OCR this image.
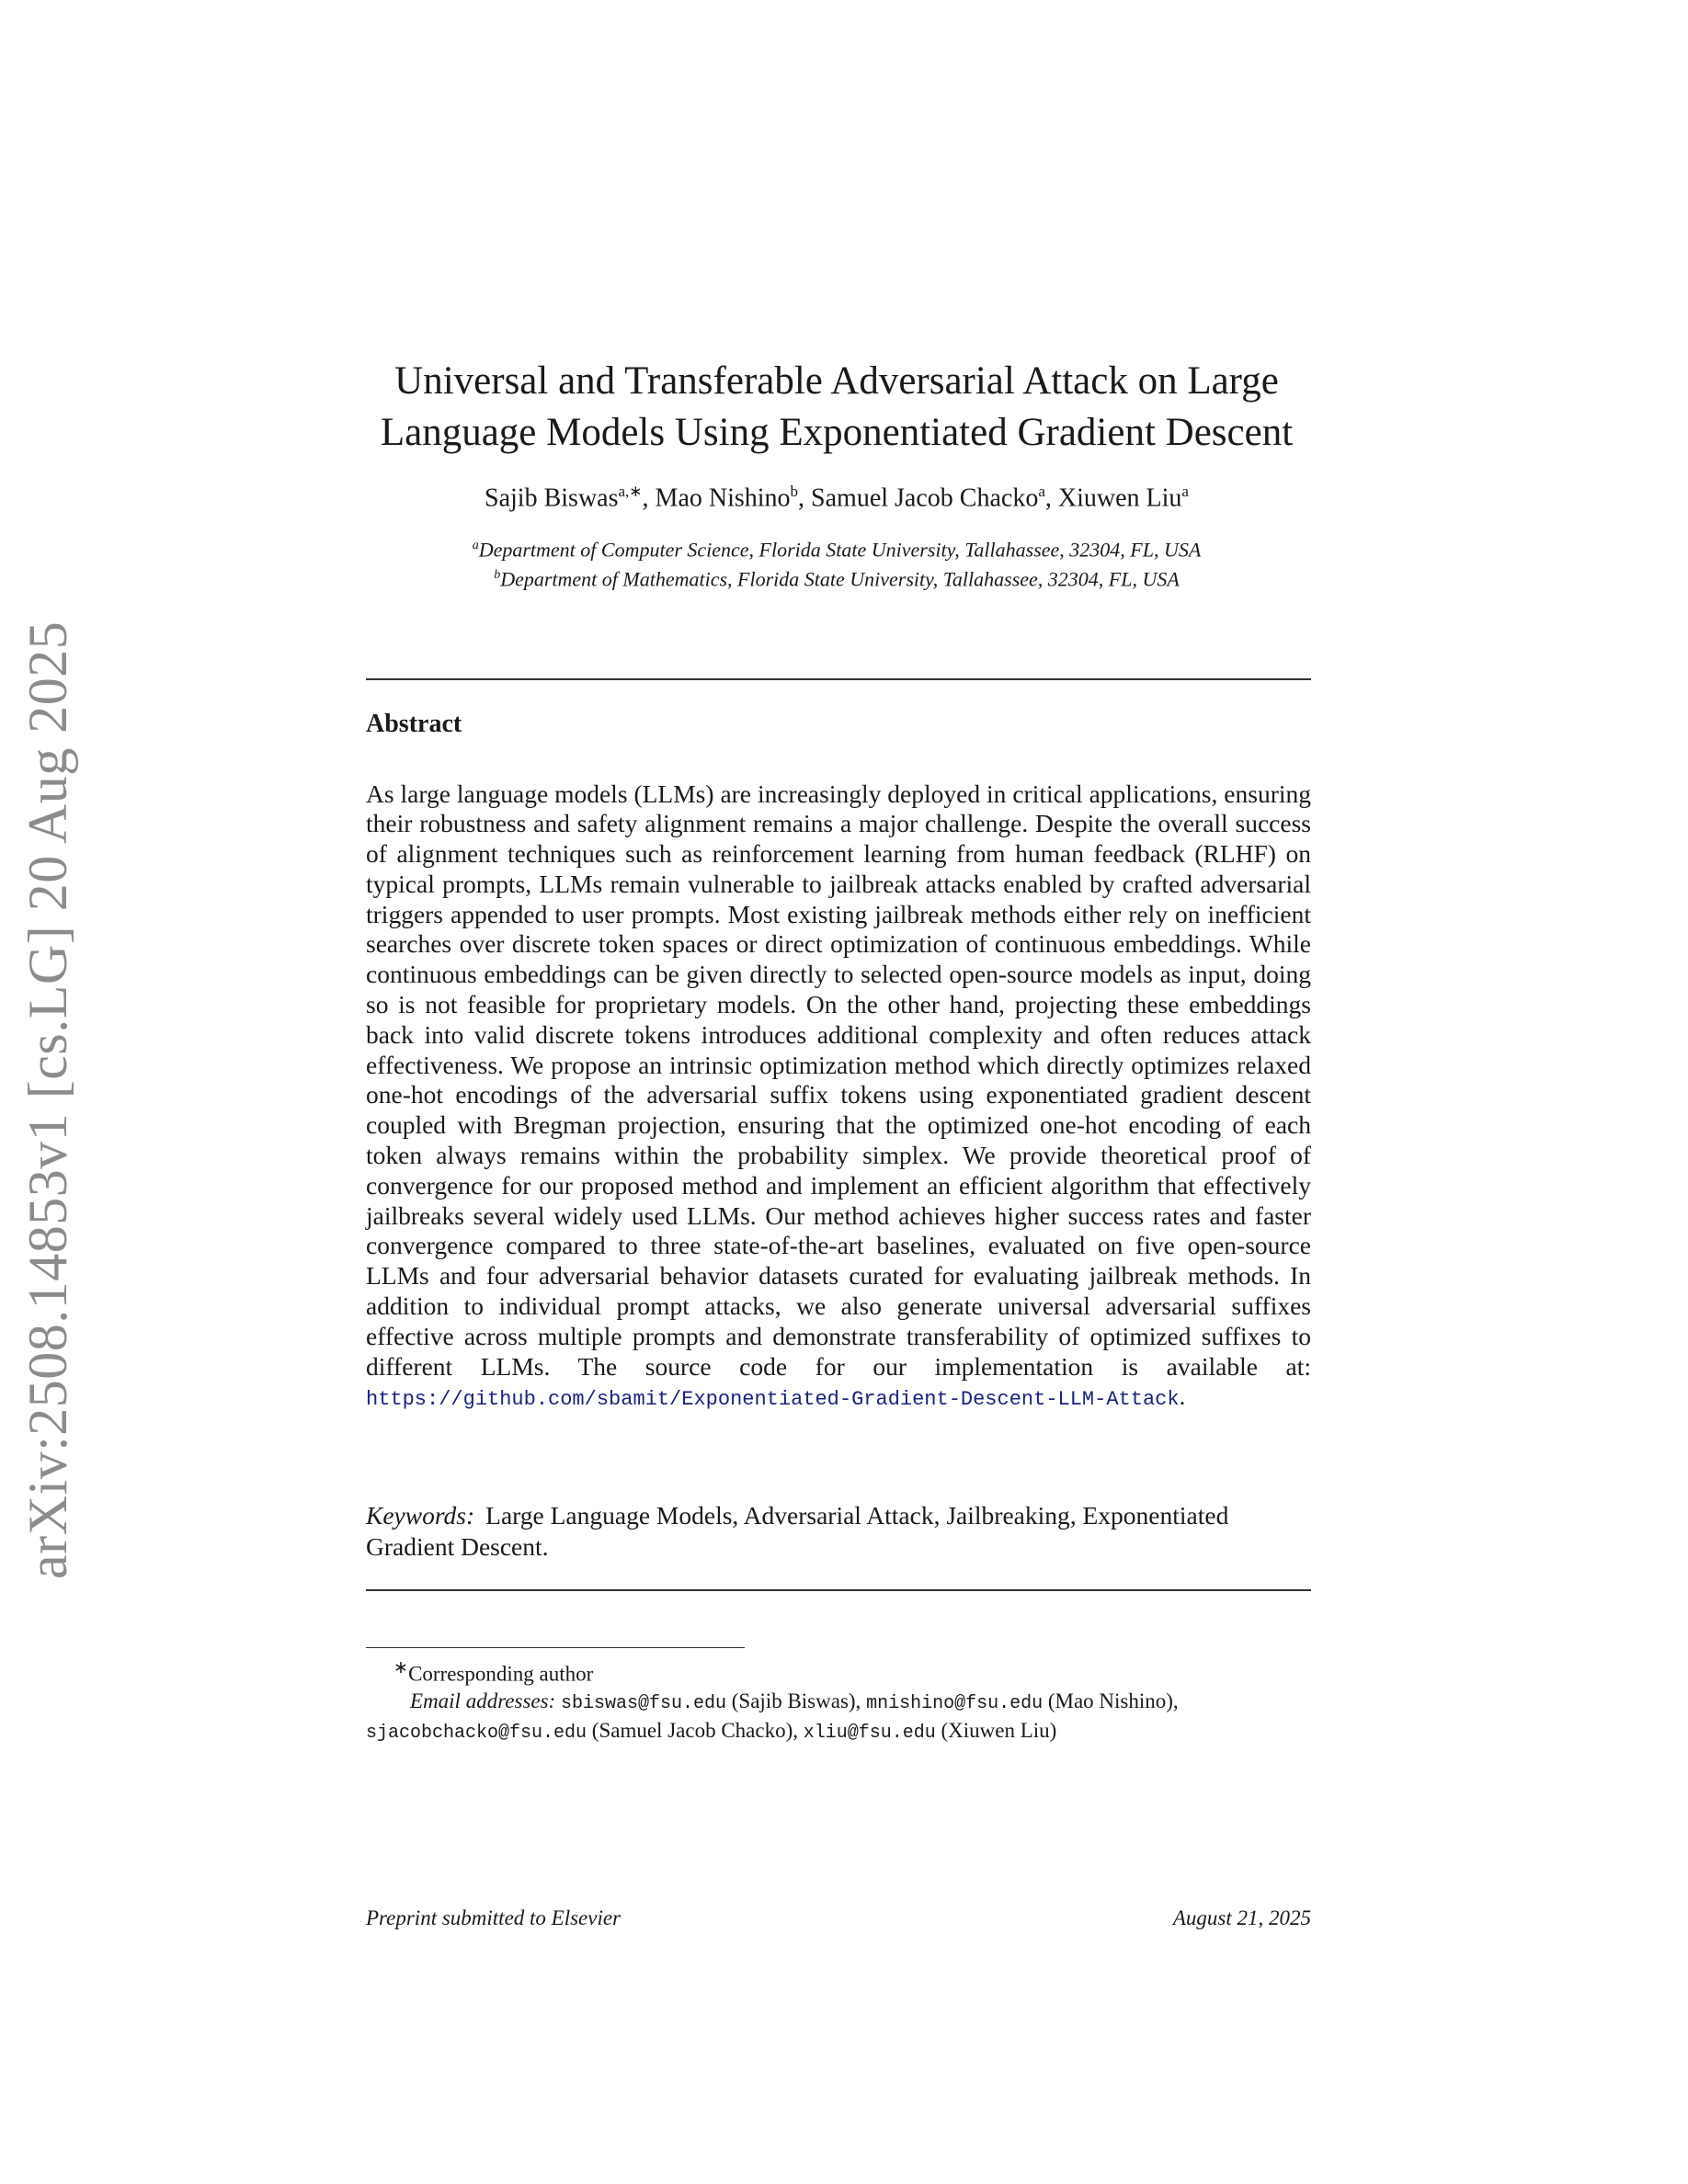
arXiv:2508.14853v1 [cs.LG] 20 Aug 2025
Universal and Transferable Adversarial Attack on Large
Language Models Using Exponentiated Gradient Descent
Sajib Biswas$^{a,∗}$, Mao Nishino$^b$, Samuel Jacob Chacko$^a$, Xiuwen Liu$^a$
$^a$Department of Computer Science, Florida State University, Tallahassee, 32304, FL, USA
$^b$Department of Mathematics, Florida State University, Tallahassee, 32304, FL, USA
Abstract

As large language models (LLMs) are increasingly deployed in critical applications, ensuring their robustness and safety alignment remains a major challenge. Despite the overall success of alignment techniques such as reinforcement learning from human feedback (RLHF) on typical prompts, LLMs remain vulnerable to jailbreak attacks enabled by crafted adversarial triggers appended to user prompts. Most existing jailbreak methods either rely on inefficient searches over discrete token spaces or direct optimization of continuous embeddings. While continuous embeddings can be given directly to selected open-source models as input, doing so is not feasible for proprietary models. On the other hand, projecting these embeddings back into valid discrete tokens introduces additional complexity and often reduces attack effectiveness. We propose an intrinsic optimization method which directly optimizes relaxed one-hot encodings of the adversarial suffix tokens using exponentiated gradient descent coupled with Bregman projection, ensuring that the optimized one-hot encoding of each token always remains within the probability simplex. We provide theoretical proof of convergence for our proposed method and implement an efficient algorithm that effectively jailbreaks several widely used LLMs. Our method achieves higher success rates and faster convergence compared to three state-of-the-art baselines, evaluated on five open-source LLMs and four adversarial behavior datasets curated for evaluating jailbreak methods. In addition to individual prompt attacks, we also generate universal adversarial suffixes effective across multiple prompts and demonstrate transferability of optimized suffixes to different LLMs. The source code for our implementation is available at: https://github.com/sbamit/Exponentiated-Gradient-Descent-LLM-Attack.

Keywords: Large Language Models, Adversarial Attack, Jailbreaking, Exponentiated Gradient Descent.
∗Corresponding author
Email addresses: sbiswas@fsu.edu (Sajib Biswas), mnishino@fsu.edu (Mao Nishino),
sjacobchacko@fsu.edu (Samuel Jacob Chacko), xliu@fsu.edu (Xiuwen Liu)
Preprint submitted to Elsevier	August 21, 2025
